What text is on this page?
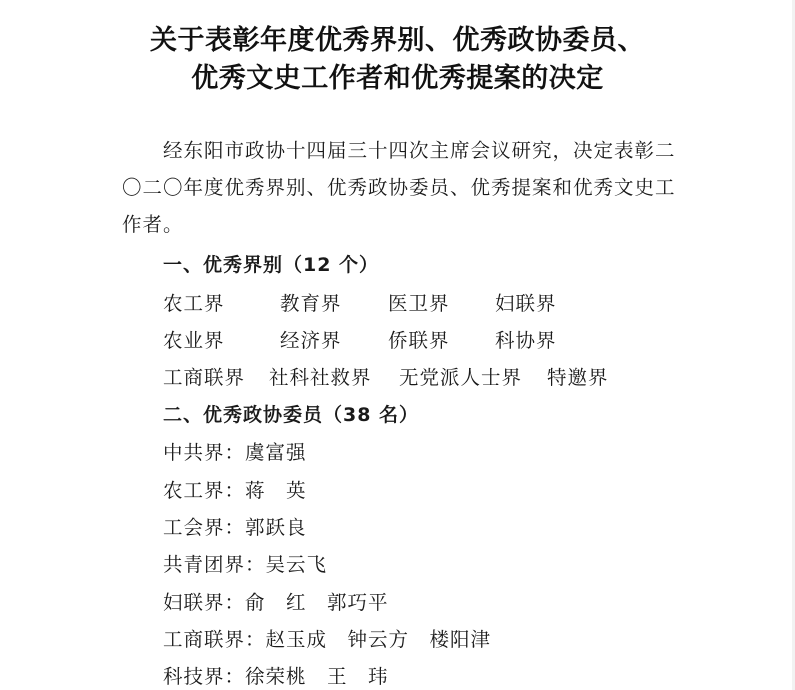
关于表彰年度优秀界别、优秀政协委员、
优秀文史工作者和优秀提案的决定
经东阳市政协十四届三十四次主席会议研究，决定表彰二
〇二〇年度优秀界别、优秀政协委员、优秀提案和优秀文史工
作者。
一、优秀界别（12 个）
农工界	教育界 医卫界 妇联界
农业界	经济界 侨联界 科协界
工商联界 社科社救界 无党派人士界 特邀界
二、优秀政协委员（38 名）
中共界：虞富强
农工界：蒋　英
工会界：郭跃良
共青团界：吴云飞
妇联界：俞　红　郭巧平
工商联界：赵玉成　钟云方　楼阳津
科技界：徐荣桃　王　玮
